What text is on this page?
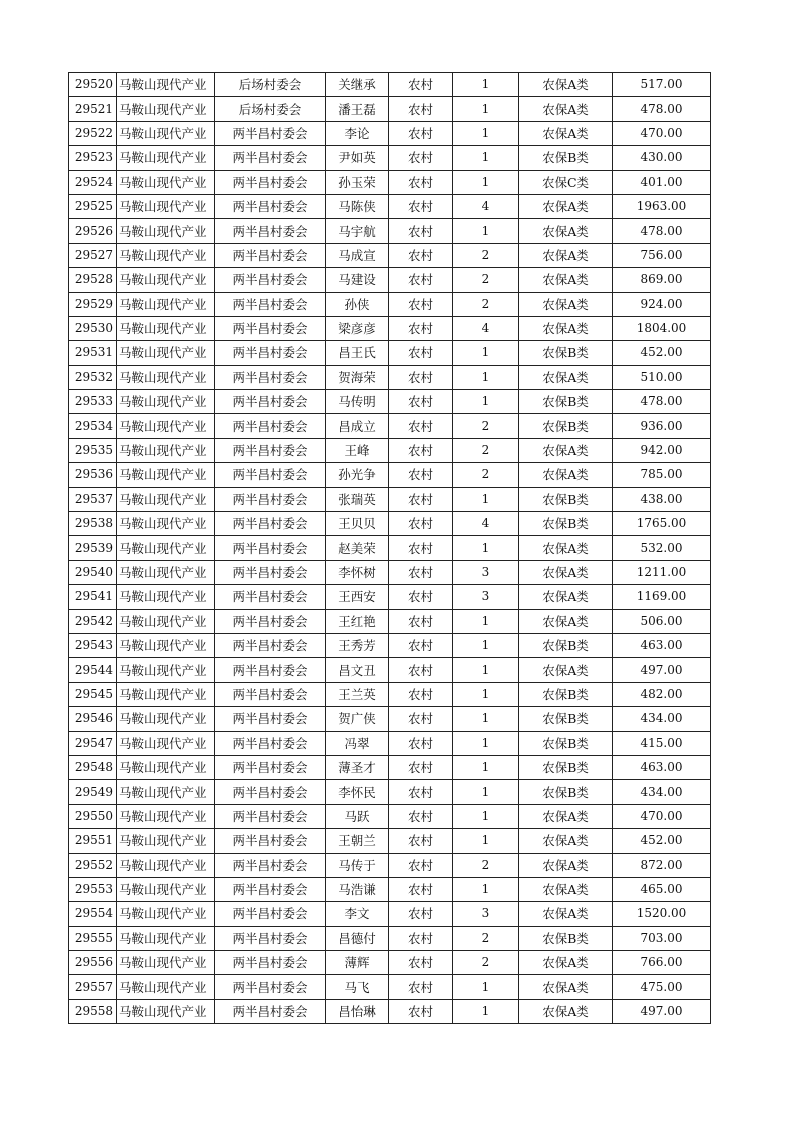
29520	马鞍山现代产业	后场村委会	关继承	农村	1	农保A类	517.00
29521	马鞍山现代产业	后场村委会	潘王磊	农村	1	农保A类	478.00
29522	马鞍山现代产业	两半昌村委会	李论	农村	1	农保A类	470.00
29523	马鞍山现代产业	两半昌村委会	尹如英	农村	1	农保B类	430.00
29524	马鞍山现代产业	两半昌村委会	孙玉荣	农村	1	农保C类	401.00
29525	马鞍山现代产业	两半昌村委会	马陈侠	农村	4	农保A类	1963.00
29526	马鞍山现代产业	两半昌村委会	马宇航	农村	1	农保A类	478.00
29527	马鞍山现代产业	两半昌村委会	马成宣	农村	2	农保A类	756.00
29528	马鞍山现代产业	两半昌村委会	马建设	农村	2	农保A类	869.00
29529	马鞍山现代产业	两半昌村委会	孙侠	农村	2	农保A类	924.00
29530	马鞍山现代产业	两半昌村委会	梁彦彦	农村	4	农保A类	1804.00
29531	马鞍山现代产业	两半昌村委会	昌王氏	农村	1	农保B类	452.00
29532	马鞍山现代产业	两半昌村委会	贺海荣	农村	1	农保A类	510.00
29533	马鞍山现代产业	两半昌村委会	马传明	农村	1	农保B类	478.00
29534	马鞍山现代产业	两半昌村委会	昌成立	农村	2	农保B类	936.00
29535	马鞍山现代产业	两半昌村委会	王峰	农村	2	农保A类	942.00
29536	马鞍山现代产业	两半昌村委会	孙光争	农村	2	农保A类	785.00
29537	马鞍山现代产业	两半昌村委会	张瑞英	农村	1	农保B类	438.00
29538	马鞍山现代产业	两半昌村委会	王贝贝	农村	4	农保B类	1765.00
29539	马鞍山现代产业	两半昌村委会	赵美荣	农村	1	农保A类	532.00
29540	马鞍山现代产业	两半昌村委会	李怀树	农村	3	农保A类	1211.00
29541	马鞍山现代产业	两半昌村委会	王西安	农村	3	农保A类	1169.00
29542	马鞍山现代产业	两半昌村委会	王红艳	农村	1	农保A类	506.00
29543	马鞍山现代产业	两半昌村委会	王秀芳	农村	1	农保B类	463.00
29544	马鞍山现代产业	两半昌村委会	昌文丑	农村	1	农保A类	497.00
29545	马鞍山现代产业	两半昌村委会	王兰英	农村	1	农保B类	482.00
29546	马鞍山现代产业	两半昌村委会	贺广侠	农村	1	农保B类	434.00
29547	马鞍山现代产业	两半昌村委会	冯翠	农村	1	农保B类	415.00
29548	马鞍山现代产业	两半昌村委会	薄圣才	农村	1	农保B类	463.00
29549	马鞍山现代产业	两半昌村委会	李怀民	农村	1	农保B类	434.00
29550	马鞍山现代产业	两半昌村委会	马跃	农村	1	农保A类	470.00
29551	马鞍山现代产业	两半昌村委会	王朝兰	农村	1	农保A类	452.00
29552	马鞍山现代产业	两半昌村委会	马传于	农村	2	农保A类	872.00
29553	马鞍山现代产业	两半昌村委会	马浩谦	农村	1	农保A类	465.00
29554	马鞍山现代产业	两半昌村委会	李文	农村	3	农保A类	1520.00
29555	马鞍山现代产业	两半昌村委会	昌德付	农村	2	农保B类	703.00
29556	马鞍山现代产业	两半昌村委会	薄辉	农村	2	农保A类	766.00
29557	马鞍山现代产业	两半昌村委会	马飞	农村	1	农保A类	475.00
29558	马鞍山现代产业	两半昌村委会	昌怡琳	农村	1	农保A类	497.00
